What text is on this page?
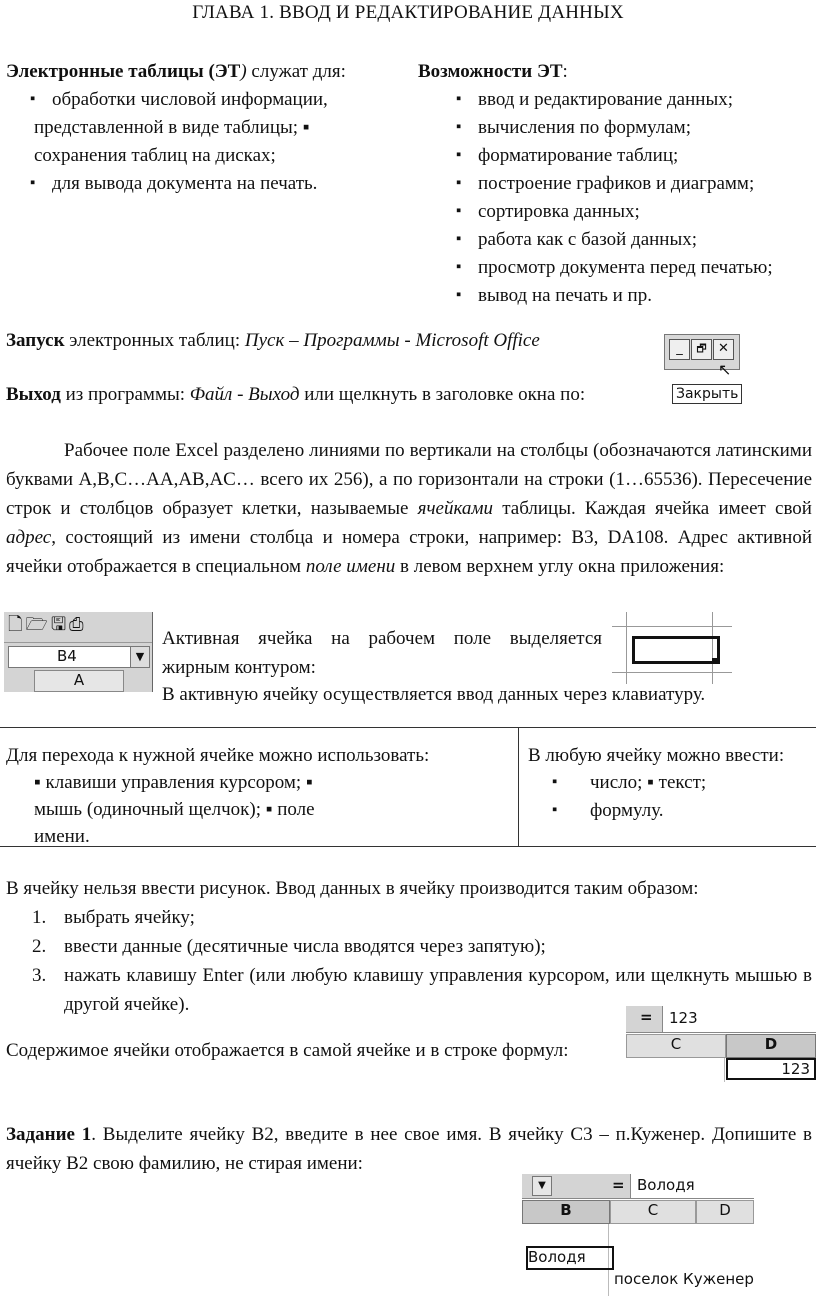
ГЛАВА 1. ВВОД И РЕДАКТИРОВАНИЕ ДАННЫХ
Электронные таблицы (ЭТ) служат для:
▪ обработки числовой информации,
представленной в виде таблицы; ▪
сохранения таблиц на дисках;
▪ для вывода документа на печать.
Возможности ЭТ:
▪ ввод и редактирование данных;
▪ вычисления по формулам;
▪ форматирование таблиц;
▪ построение графиков и диаграмм;
▪ сортировка данных;
▪ работа как с базой данных;
▪ просмотр документа перед печатью;
▪ вывод на печать и пр.
Запуск электронных таблиц: Пуск – Программы - Microsoft Office
Выход из программы: Файл - Выход или щелкнуть в заголовке окна по:
_	🗗 ✕
↖
Закрыть

Рабочее поле Excel разделено линиями по вертикали на столбцы (обозначаются латинскими буквами A,B,C…AA,AB,AC… всего их 256), а по горизонтали на строки (1…65536). Пересечение строк и столбцов образует клетки, называемые ячейками таблицы. Каждая ячейка имеет свой адрес, состоящий из имени столбца и номера строки, например: B3, DA108. Адрес активной ячейки отображается в специальном поле имени в левом верхнем углу окна приложения:

🗋🗁🖫⎙
B4	▼
A
Активная ячейка на рабочем поле выделяется
жирным контуром:
В активную ячейку осуществляется ввод данных через клавиатуру.
Для перехода к нужной ячейке можно использовать:
▪ клавиши управления курсором; ▪
мышь (одиночный щелчок); ▪ поле
имени.
В любую ячейку можно ввести:
▪ число; ▪ текст;
▪ формулу.
В ячейку нельзя ввести рисунок. Ввод данных в ячейку производится таким образом:
1. выбрать ячейку;
2. ввести данные (десятичные числа вводятся через запятую);
3. нажать клавишу Enter (или любую клавишу управления курсором, или щелкнуть мышью в другой ячейке).
Содержимое ячейки отображается в самой ячейке и в строке формул:
= 123
C	D
123

Задание 1. Выделите ячейку B2, введите в нее свое имя. В ячейку C3 – п.Куженер. Допишите в ячейку B2 свою фамилию, не стирая имени:

▼	= Володя
B	C	D
Володя
поселок Куженер
